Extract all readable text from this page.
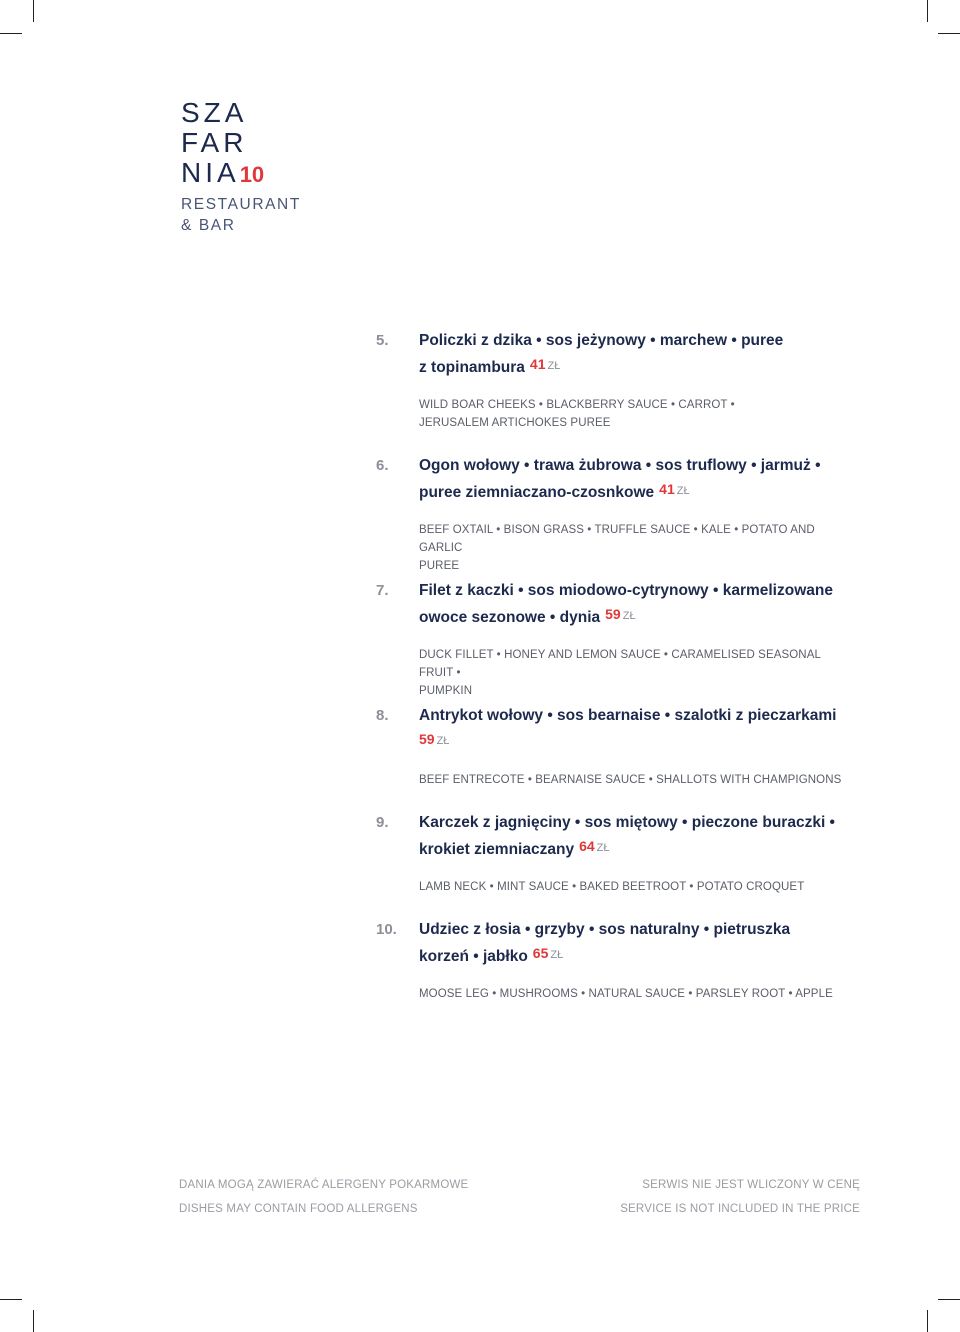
SZA
FAR
NIA10
RESTAURANT
& BAR
5.	Policzki z dzika • sos jeżynowy • marchew • puree
z topinambura 41 ZŁ
WILD BOAR CHEEKS • BLACKBERRY SAUCE • CARROT •
JERUSALEM ARTICHOKES PUREE
6.	Ogon wołowy • trawa żubrowa • sos truflowy • jarmuż •
puree ziemniaczano-czosnkowe 41 ZŁ
BEEF OXTAIL • BISON GRASS • TRUFFLE SAUCE • KALE • POTATO AND GARLIC
PUREE
7.	Filet z kaczki • sos miodowo-cytrynowy • karmelizowane
owoce sezonowe • dynia 59 ZŁ
DUCK FILLET • HONEY AND LEMON SAUCE • CARAMELISED SEASONAL FRUIT •
PUMPKIN
8.	Antrykot wołowy • sos bearnaise • szalotki z pieczarkami
59 ZŁ
BEEF ENTRECOTE • BEARNAISE SAUCE • SHALLOTS WITH CHAMPIGNONS
9.	Karczek z jagnięciny • sos miętowy • pieczone buraczki •
krokiet ziemniaczany 64 ZŁ
LAMB NECK • MINT SAUCE • BAKED BEETROOT • POTATO CROQUET
10.	Udziec z łosia • grzyby • sos naturalny • pietruszka
korzeń • jabłko 65 ZŁ
MOOSE LEG • MUSHROOMS • NATURAL SAUCE • PARSLEY ROOT • APPLE
DANIA MOGĄ ZAWIERAĆ ALERGENY POKARMOWE
DISHES MAY CONTAIN FOOD ALLERGENS
SERWIS NIE JEST WLICZONY W CENĘ
SERVICE IS NOT INCLUDED IN THE PRICE
